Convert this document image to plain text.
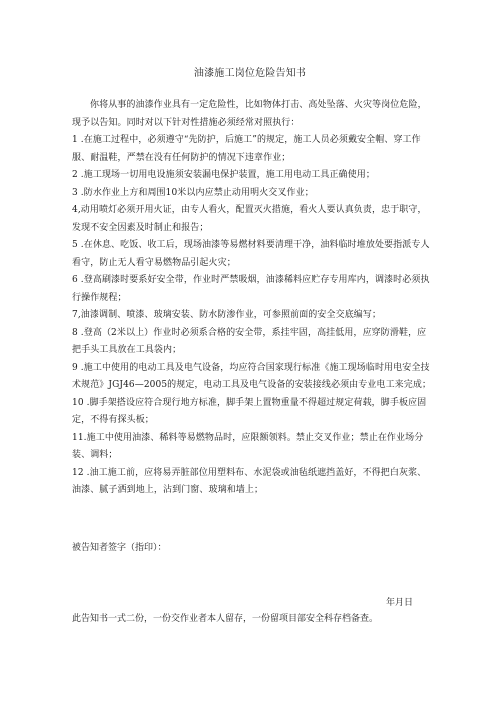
油漆施工岗位危险告知书

你将从事的油漆作业具有一定危险性，比如物体打击、高处坠落、火灾等岗位危险，现予以告知。同时对以下针对性措施必须经常对照执行：

1 .在施工过程中，必须遵守“先防护，后施工”的规定，施工人员必须戴安全帽、穿工作服、耐温鞋，严禁在没有任何防护的情况下违章作业；

2 .施工现场一切用电设施须安装漏电保护装置，施工用电动工具正确使用；

3 .防水作业上方和周围10米以内应禁止动用明火交叉作业；

4,动用喷灯必须开用火证，由专人看火，配置灭火措施，看火人要认真负责，忠于职守，发现不安全因素及时制止和报告；

5 .在休息、吃饭、收工后，现场油漆等易燃材料要清理干净，油料临时堆放处要指派专人看守，防止无人看守易燃物品引起火灾；

6 .登高刷漆时要系好安全带，作业时严禁吸烟，油漆稀料应贮存专用库内，调漆时必须执行操作规程；

7,油漆调制、喷漆、玻璃安装、防水防渗作业，可参照前面的安全交底编写；

8 .登高（2米以上）作业时必须系合格的安全带，系挂牢固，高挂低用，应穿防滑鞋，应把手头工具放在工具袋内；

9 .施工中使用的电动工具及电气设备，均应符合国家现行标准《施工现场临时用电安全技术规范》JGJ46—2005的规定，电动工具及电气设备的安装接线必须由专业电工来完成；

10 .脚手架搭设应符合现行地方标准，脚手架上置物重量不得超过规定荷载，脚手板应固定，不得有探头板；

11.施工中使用油漆、稀料等易燃物品时，应限额领料。禁止交叉作业；禁止在作业场分装、调料；

12 .油工施工前，应将易弄脏部位用塑料布、水泥袋或油毡纸遮挡盖好，不得把白灰浆、油漆、腻子洒到地上，沾到门窗、玻璃和墙上；

被告知者签字（指印）：
年月日
此告知书一式二份，一份交作业者本人留存，一份留项目部安全科存档备查。
